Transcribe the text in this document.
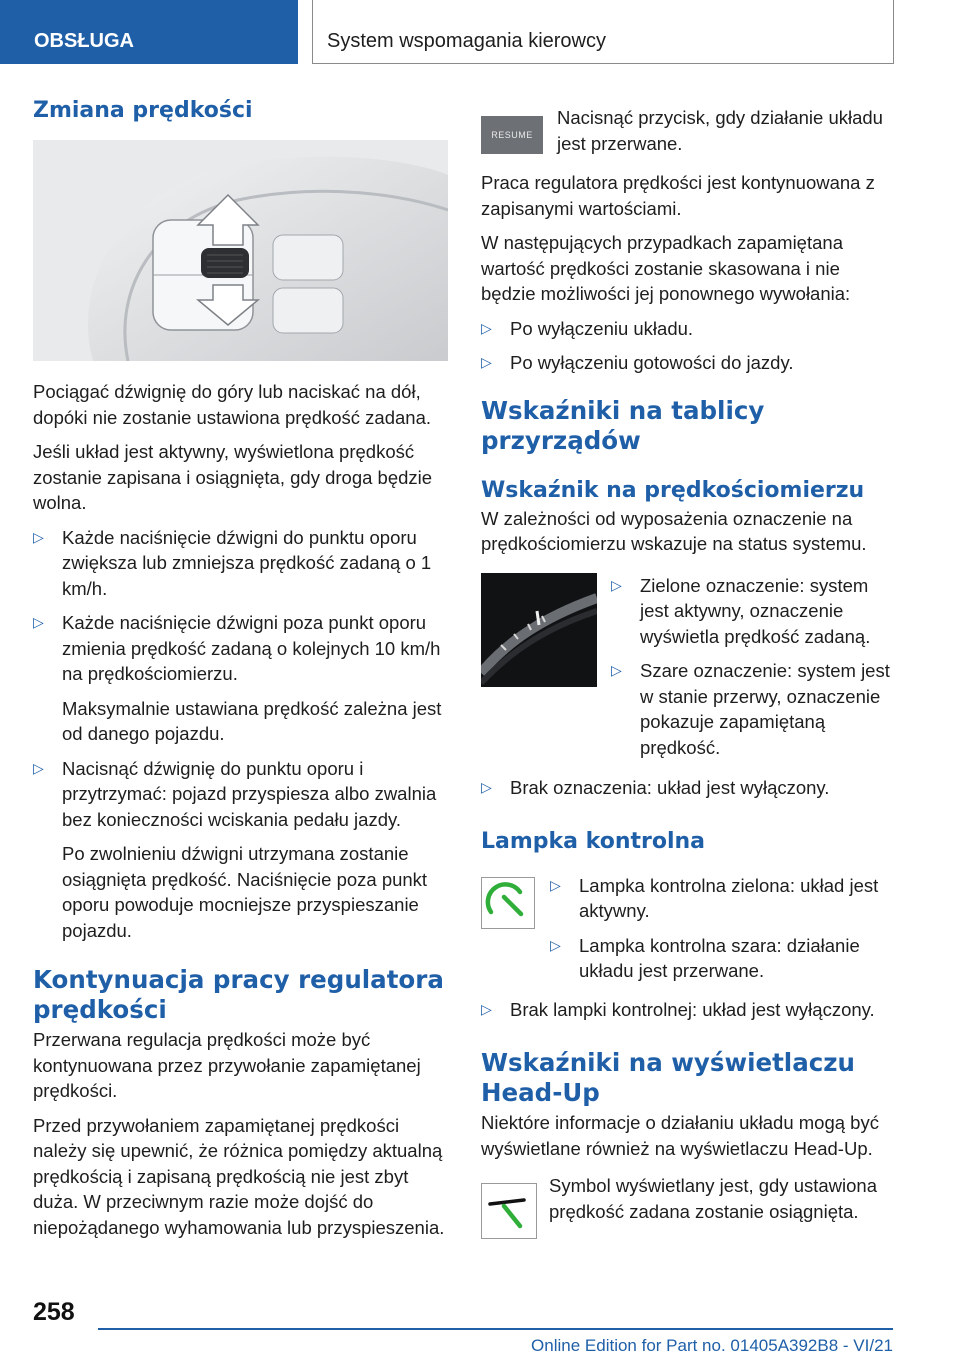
OBSŁUGA	System wspomagania kierowcy
Zmiana prędkości

Pociągać dźwignię do góry lub naciskać na dół, dopóki nie zostanie ustawiona prędkość zadana.

Jeśli układ jest aktywny, wyświetlona prędkość zostanie zapisana i osiągnięta, gdy droga będzie wolna.

▷ Każde naciśnięcie dźwigni do punktu oporu zwiększa lub zmniejsza prędkość zadaną o 1 km/h.
▷ Każde naciśnięcie dźwigni poza punkt oporu zmienia prędkość zadaną o kolejnych 10 km/h na prędkościomierzu.

Maksymalnie ustawiana prędkość zależna jest od danego pojazdu.

▷ Nacisnąć dźwignię do punktu oporu i przytrzymać: pojazd przyspiesza albo zwalnia bez konieczności wciskania pedału jazdy.

Po zwolnieniu dźwigni utrzymana zostanie osiągnięta prędkość. Naciśnięcie poza punkt oporu powoduje mocniejsze przyspieszanie pojazdu.

Kontynuacja pracy regulatora prędkości

Przerwana regulacja prędkości może być kontynuowana przez przywołanie zapamiętanej prędkości.

Przed przywołaniem zapamiętanej prędkości należy się upewnić, że różnica pomiędzy aktualną prędkością i zapisaną prędkością nie jest zbyt duża. W przeciwnym razie może dojść do niepożądanego wyhamowania lub przyspieszenia.

RESUME

Nacisnąć przycisk, gdy działanie układu jest przerwane.

Praca regulatora prędkości jest kontynuowana z zapisanymi wartościami.

W następujących przypadkach zapamiętana wartość prędkości zostanie skasowana i nie będzie możliwości jej ponownego wywołania:

▷ Po wyłączeniu układu.
▷ Po wyłączeniu gotowości do jazdy.
Wskaźniki na tablicy przyrządów
Wskaźnik na prędkościomierzu

W zależności od wyposażenia oznaczenie na prędkościomierzu wskazuje na status systemu.

▷ Zielone oznaczenie: system jest aktywny, oznaczenie wyświetla prędkość zadaną.
▷ Szare oznaczenie: system jest w stanie przerwy, oznaczenie pokazuje zapamiętaną prędkość.
▷ Brak oznaczenia: układ jest wyłączony.
Lampka kontrolna
▷ Lampka kontrolna zielona: układ jest aktywny.
▷ Lampka kontrolna szara: działanie układu jest przerwane.
▷ Brak lampki kontrolnej: układ jest wyłączony.
Wskaźniki na wyświetlaczu Head-Up

Niektóre informacje o działaniu układu mogą być wyświetlane również na wyświetlaczu Head-Up.

Symbol wyświetlany jest, gdy ustawiona prędkość zadana zostanie osiągnięta.

258
Online Edition for Part no. 01405A392B8 - VI/21
